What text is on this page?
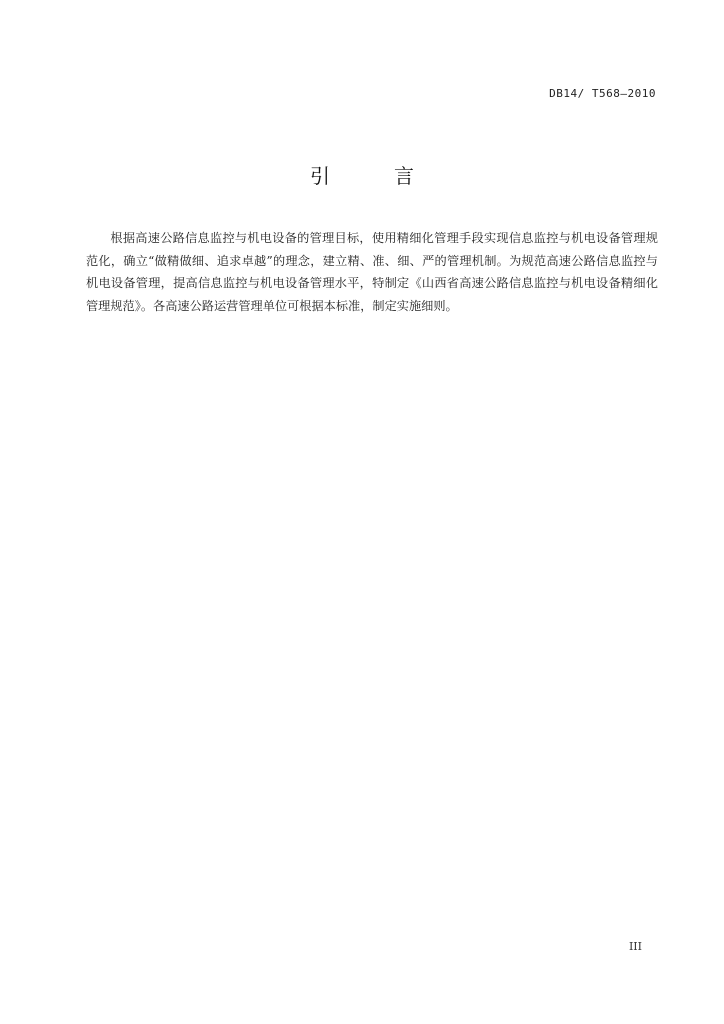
DB14/ T568—2010
引	言

根据高速公路信息监控与机电设备的管理目标，使用精细化管理手段实现信息监控与机电设备管理规范化，确立“做精做细、追求卓越”的理念，建立精、准、细、严的管理机制。为规范高速公路信息监控与机电设备管理，提高信息监控与机电设备管理水平，特制定《山西省高速公路信息监控与机电设备精细化管理规范》。各高速公路运营管理单位可根据本标准，制定实施细则。

III
